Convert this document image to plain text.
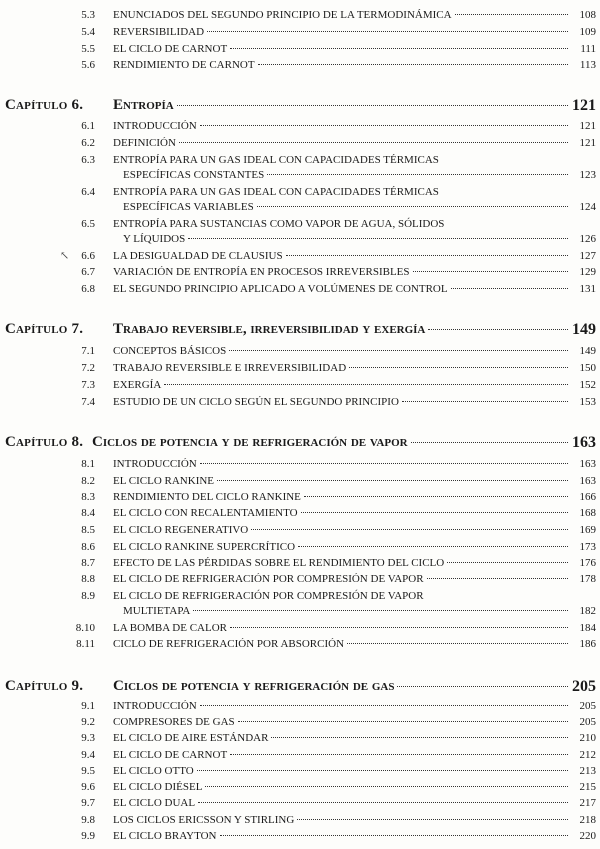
5.3 ENUNCIADOS DEL SEGUNDO PRINCIPIO DE LA TERMODINÁMICA	108
5.4 REVERSIBILIDAD	109
5.5 EL CICLO DE CARNOT	111
5.6 RENDIMIENTO DE CARNOT	113
Capítulo 6. Entropía	121
6.1 INTRODUCCIÓN	121
6.2 DEFINICIÓN	121
6.3 ENTROPÍA PARA UN GAS IDEAL CON CAPACIDADES TÉRMICAS
ESPECÍFICAS CONSTANTES	123
6.4 ENTROPÍA PARA UN GAS IDEAL CON CAPACIDADES TÉRMICAS
ESPECÍFICAS VARIABLES	124
6.5 ENTROPÍA PARA SUSTANCIAS COMO VAPOR DE AGUA, SÓLIDOS
Y LÍQUIDOS	126
↖	6.6 LA DESIGUALDAD DE CLAUSIUS	127
6.7 VARIACIÓN DE ENTROPÍA EN PROCESOS IRREVERSIBLES	129
6.8 EL SEGUNDO PRINCIPIO APLICADO A VOLÚMENES DE CONTROL	131
Capítulo 7. Trabajo reversible, irreversibilidad y exergía	149
7.1 CONCEPTOS BÁSICOS	149
7.2 TRABAJO REVERSIBLE E IRREVERSIBILIDAD	150
7.3 EXERGÍA	152
7.4 ESTUDIO DE UN CICLO SEGÚN EL SEGUNDO PRINCIPIO	153
Capítulo 8. Ciclos de potencia y de refrigeración de vapor	163
8.1 INTRODUCCIÓN	163
8.2 EL CICLO RANKINE	163
8.3 RENDIMIENTO DEL CICLO RANKINE	166
8.4 EL CICLO CON RECALENTAMIENTO	168
8.5 EL CICLO REGENERATIVO	169
8.6 EL CICLO RANKINE SUPERCRÍTICO	173
8.7 EFECTO DE LAS PÉRDIDAS SOBRE EL RENDIMIENTO DEL CICLO	176
8.8 EL CICLO DE REFRIGERACIÓN POR COMPRESIÓN DE VAPOR	178
8.9 EL CICLO DE REFRIGERACIÓN POR COMPRESIÓN DE VAPOR
MULTIETAPA	182
8.10 LA BOMBA DE CALOR	184
8.11 CICLO DE REFRIGERACIÓN POR ABSORCIÓN	186
Capítulo 9. Ciclos de potencia y refrigeración de gas	205
9.1 INTRODUCCIÓN	205
9.2 COMPRESORES DE GAS	205
9.3 EL CICLO DE AIRE ESTÁNDAR	210
9.4 EL CICLO DE CARNOT	212
9.5 EL CICLO OTTO	213
9.6 EL CICLO DIÉSEL	215
9.7 EL CICLO DUAL	217
9.8 LOS CICLOS ERICSSON Y STIRLING	218
9.9 EL CICLO BRAYTON	220
